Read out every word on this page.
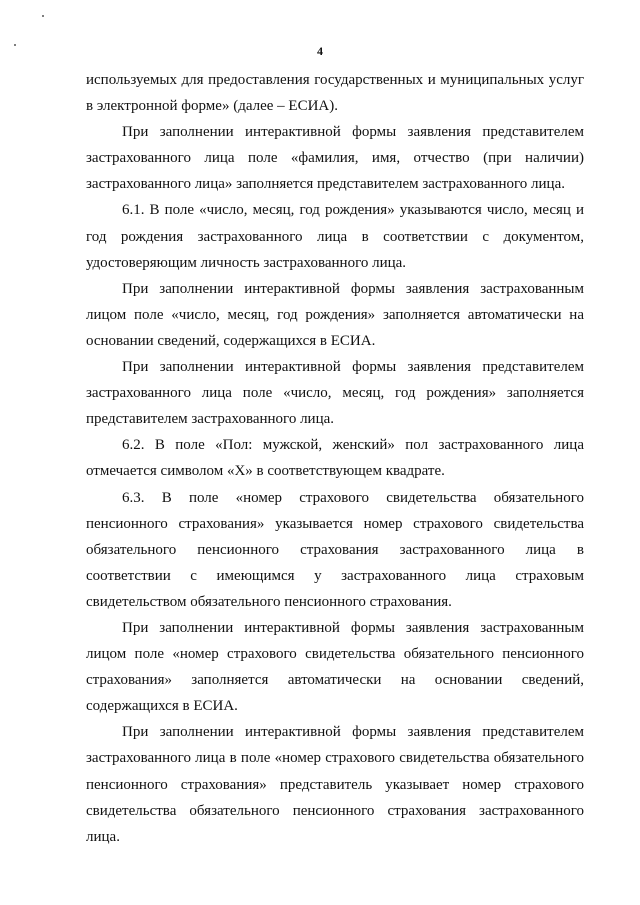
4

используемых для предоставления государственных и муниципальных услуг в электронной форме» (далее – ЕСИА).

При заполнении интерактивной формы заявления представителем застрахованного лица поле «фамилия, имя, отчество (при наличии) застрахованного лица» заполняется представителем застрахованного лица.

6.1. В поле «число, месяц, год рождения» указываются число, месяц и год рождения застрахованного лица в соответствии с документом, удостоверяющим личность застрахованного лица.

При заполнении интерактивной формы заявления застрахованным лицом поле «число, месяц, год рождения» заполняется автоматически на основании сведений, содержащихся в ЕСИА.

При заполнении интерактивной формы заявления представителем застрахованного лица поле «число, месяц, год рождения» заполняется представителем застрахованного лица.

6.2. В поле «Пол: мужской, женский» пол застрахованного лица отмечается символом «Х» в соответствующем квадрате.

6.3. В поле «номер страхового свидетельства обязательного пенсионного страхования» указывается номер страхового свидетельства обязательного пенсионного страхования застрахованного лица в соответствии с имеющимся у застрахованного лица страховым свидетельством обязательного пенсионного страхования.

При заполнении интерактивной формы заявления застрахованным лицом поле «номер страхового свидетельства обязательного пенсионного страхования» заполняется автоматически на основании сведений, содержащихся в ЕСИА.

При заполнении интерактивной формы заявления представителем застрахованного лица в поле «номер страхового свидетельства обязательного пенсионного страхования» представитель указывает номер страхового свидетельства обязательного пенсионного страхования застрахованного лица.
